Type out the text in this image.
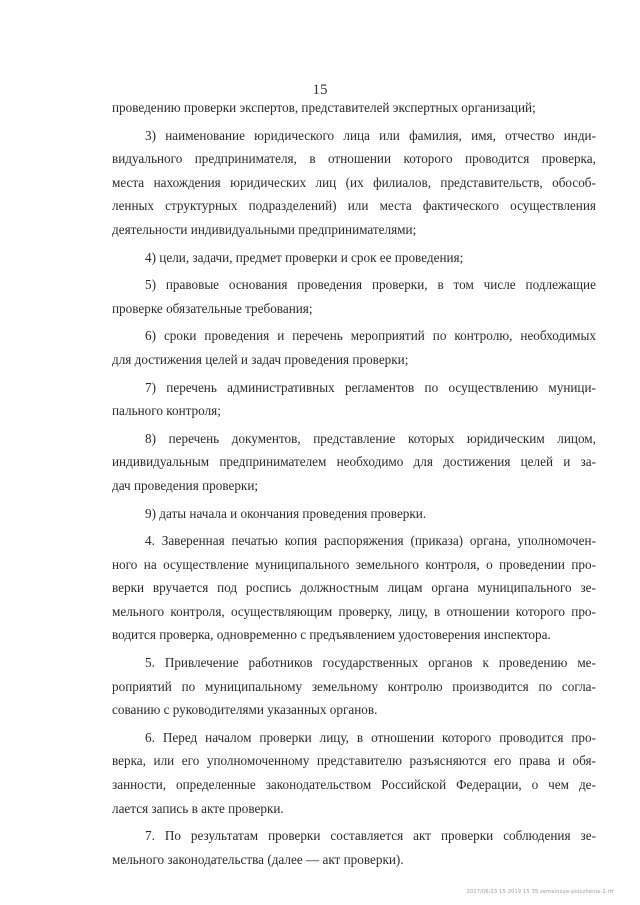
15
проведению проверки экспертов, представителей экспертных организаций;
3) наименование юридического лица или фамилия, имя, отчество инди-
видуального предпринимателя, в отношении которого проводится проверка,
места нахождения юридических лиц (их филиалов, представительств, обособ-
ленных структурных подразделений) или места фактического осуществления
деятельности индивидуальными предпринимателями;
4) цели, задачи, предмет проверки и срок ее проведения;
5) правовые основания проведения проверки, в том числе подлежащие
проверке обязательные требования;
6) сроки проведения и перечень мероприятий по контролю, необходимых
для достижения целей и задач проведения проверки;
7) перечень административных регламентов по осуществлению муници-
пального контроля;
8) перечень документов, представление которых юридическим лицом,
индивидуальным предпринимателем необходимо для достижения целей и за-
дач проведения проверки;
9) даты начала и окончания проведения проверки.
4. Заверенная печатью копия распоряжения (приказа) органа, уполномочен-
ного на осуществление муниципального земельного контроля, о проведении про-
верки вручается под роспись должностным лицам органа муниципального зе-
мельного контроля, осуществляющим проверку, лицу, в отношении которого про-
водится проверка, одновременно с предъявлением удостоверения инспектора.
5. Привлечение работников государственных органов к проведению ме-
роприятий по муниципальному земельному контролю производится по согла-
сованию с руководителями указанных органов.
6. Перед началом проверки лицу, в отношении которого проводится про-
верка, или его уполномоченному представителю разъясняются его права и обя-
занности, определенные законодательством Российской Федерации, о чем де-
лается запись в акте проверки.
7. По результатам проверки составляется акт проверки соблюдения зе-
мельного законодательства (далее — акт проверки).
2017/06/23 15 2019 15 35 zemelnoye-polozhenie-2.rtf
